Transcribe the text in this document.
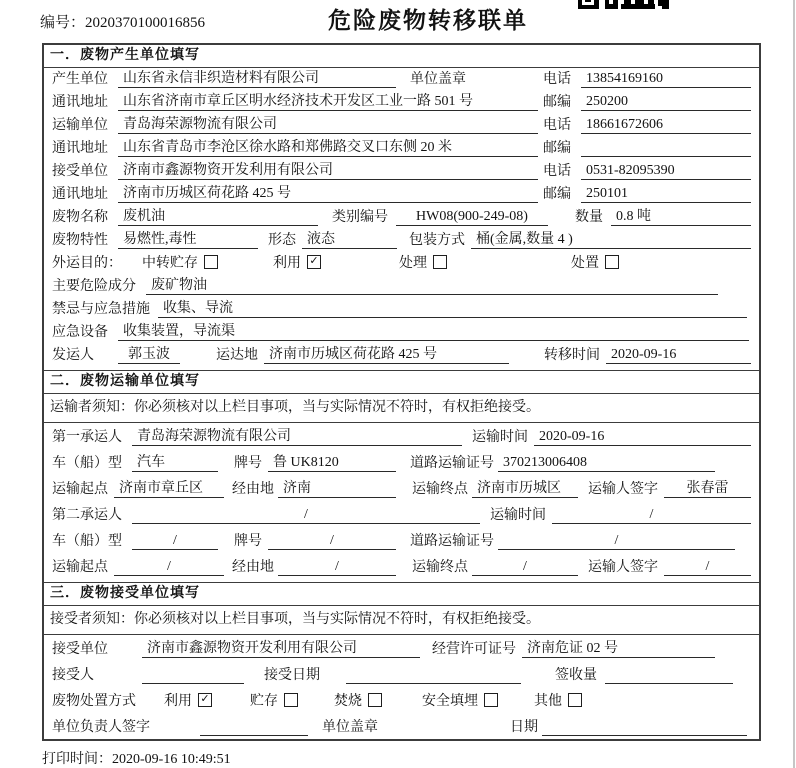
编号：2020370100016856	危险废物转移联单
一．废物产生单位填写
产生单位	山东省永信非织造材料有限公司	单位盖章	电话	13854169160
通讯地址	山东省济南市章丘区明水经济技术开发区工业一路 501 号	邮编	250200
运输单位	青岛海荣源物流有限公司	电话	18661672606
通讯地址	山东省青岛市李沧区徐水路和郑佛路交叉口东侧 20 米	邮编
接受单位	济南市鑫源物资开发利用有限公司	电话	0531-82095390
通讯地址	济南市历城区荷花路 425 号	邮编	250101
废物名称	废机油	类别编号	HW08(900-249-08)	数量 0.8 吨
废物特性	易燃性,毒性	形态 液态	包装方式 桶(金属,数量 4 )
外运目的：	中转贮存	利用 ✓	处理	处置
主要危险成分	废矿物油
禁忌与应急措施 收集、导流
应急设备	收集装置，导流渠
发运人	郭玉波	运达地 济南市历城区荷花路 425 号	转移时间 2020-09-16
二．废物运输单位填写
运输者须知：你必须核对以上栏目事项，当与实际情况不符时，有权拒绝接受。
第一承运人	青岛海荣源物流有限公司	运输时间 2020-09-16
车（船）型	汽车	牌号 鲁 UK8120	道路运输证号 370213006408
运输起点 济南市章丘区	经由地 济南	运输终点 济南市历城区	运输人签字	张春雷
第二承运人	/	运输时间	/
车（船）型	/	牌号	/	道路运输证号	/
运输起点	/	经由地	/	运输终点	/	运输人签字	/
三．废物接受单位填写
接受者须知：你必须核对以上栏目事项，当与实际情况不符时，有权拒绝接受。
接受单位	济南市鑫源物资开发利用有限公司	经营许可证号 济南危证 02 号
接受人	接受日期	签收量
废物处置方式	利用 ✓	贮存	焚烧	安全填埋	其他
单位负责人签字	单位盖章	日期
打印时间：2020-09-16 10:49:51
